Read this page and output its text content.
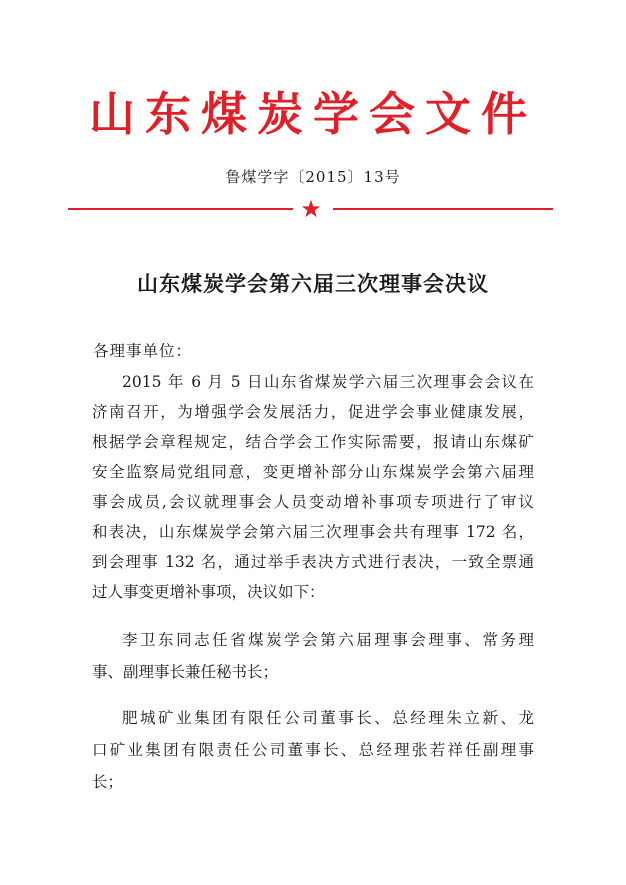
山东煤炭学会文件
鲁煤学字〔2015〕13号
★
山东煤炭学会第六届三次理事会决议
各理事单位：
2015 年 6 月 5 日山东省煤炭学六届三次理事会会议在
济南召开，为增强学会发展活力，促进学会事业健康发展，
根据学会章程规定，结合学会工作实际需要，报请山东煤矿
安全监察局党组同意，变更增补部分山东煤炭学会第六届理
事会成员,会议就理事会人员变动增补事项专项进行了审议
和表决，山东煤炭学会第六届三次理事会共有理事 172 名，
到会理事 132 名，通过举手表决方式进行表决，一致全票通
过人事变更增补事项，决议如下：
李卫东同志任省煤炭学会第六届理事会理事、常务理
事、副理事长兼任秘书长；
肥城矿业集团有限任公司董事长、总经理朱立新、龙
口矿业集团有限责任公司董事长、总经理张若祥任副理事
长；
